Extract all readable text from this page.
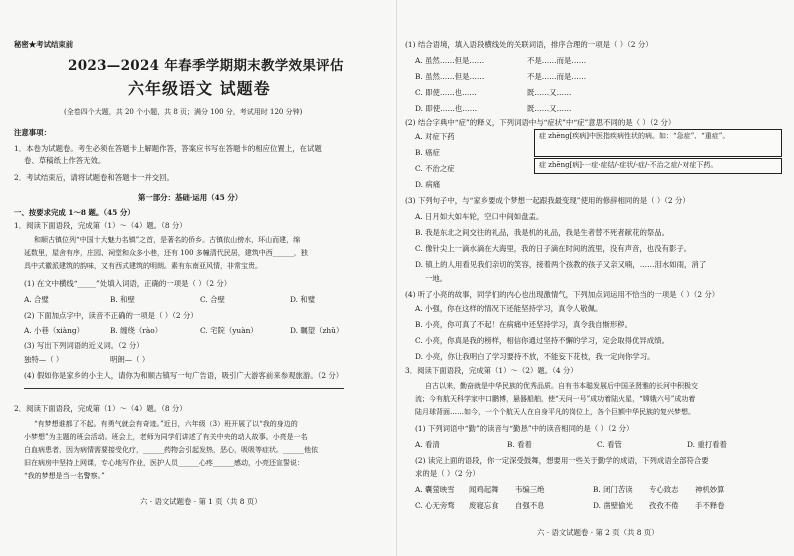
秘密★考试结束前
2023—2024 年春季学期期末教学效果评估
六年级语文 试题卷
(全卷四个大题，共 20 个小题，共 8 页；满分 100 分，考试用时 120 分钟)
注意事项：
1．本卷为试题卷。考生必须在答题卡上解题作答，答案应书写在答题卡的相应位置上，在试题
卷、草稿纸上作答无效。
2．考试结束后，请将试题卷和答题卡一并交回。
第一部分：基础·运用（45 分）
一、按要求完成 1～8 题。（45 分）
1．阅读下面语段，完成第（1）～（4）题。（8 分）
和顺古镇位列“中国十大魅力名镇”之首，是著名的侨乡。古镇依山傍水，环山而建，绵
延数里，屋舍有序，庄园、祠堂和众多小巷，还有 100 多幢清代民居，建筑中西______，独
具中式徽派建筑的韵味，又有西式建筑的明朗。素有东南亚风情，非常宝贵。
(1) 在文中横线“_____”处填入词语，正确的一项是（ ）（2 分）
A. 合璧	B. 和壁	C. 合壁	D. 和璧
(2) 下面加点字中，读音不正确的一项是（ ）（2 分）
A. 小巷（xiàng）	B. 缠绕（rào）	C. 宅院（yuàn）	D. 瞩望（zhǔ）
(3) 写出下列词语的近义词。（2 分）
独特—（ ）	明朗—（ ）
(4) 假如你是家乡的小主人，请你为和顺古镇写一句广告语，吸引广大游客前来参观旅游。（2 分）
2．阅读下面语段，完成第（1）～（4）题。（8 分）
“有梦想谁都了不起。有勇气就会有奇迹。”近日，六年级（3）班开展了以“我的身边的
小梦想”为主题的班会活动。班会上，老师为同学们讲述了有关中央的动人故事。小亮是一名
白血病患者，因为病情需要接受化疗，______药物会引起发热，恶心，吸吸等症状。______他依
旧在病房中坚持上网课，专心地写作业，医护人员______心疼______感动，小亮还宣誓说：
“我的梦想是当一名警察。”
六 · 语文试题卷 · 第 1 页（共 8 页）
(1) 结合语境，填入语段横线处的关联词语，排序合理的一项是（ ）（2 分）
A. 虽然……但是……	不是……而是……
B. 虽然……但是……	不是……而是……
C. 即使……也……	既……又……
D. 即使……也……	既……又……
(2) 结合字典中“症”的释义，下列词语中与“症状”中“症”意思不同的是（ ）（2 分）
A. 对症下药
B. 癌症
C. 不治之症
D. 病痛
症 zhèng[疾病]中医指疾病性状的病。如：“急症”、“重症”。
症 zhēng[病]·一症·症结/-症状/-症/-不治之症/-对症下药。
(3) 下列句子中，与“家乡要成个梦想一起跟我最变现”使用的修辞相同的是（ ）（2 分）
A. 日月如大如车轮，空口中间如盘盂。
B. 我是东北之间交往的礼品，我是机的礼品，我是生者替不死者献花的祭品。
C. 像针尖上一滴水滴在大海里，我的日子滴在时间的流里，没有声音，也没有影子。
D. 镇上的人用看见我们亲切的笑容，接着两个孩教的孩子又亲又喃，……泪水如雨，消了
一地。
(4) 听了小亮的故事，同学们的内心也出现激情气，下列加点词运用不恰当的一项是（ ）（2 分）
A. 小强，你在这样的情况下还能坚持学习，真令人敬佩。
B. 小亮，你可真了不起！在病痛中还坚持学习，真令我自惭形秽。
C. 小亮，你真是我的榜样，相信你通过坚持不懈的学习，定会取得优异成绩。
D. 小亮，你让我明白了学习要持不放，不能妄下花枝，我一定向你学习。
3．阅读下面语段，完成第（1）～（2）题。（4 分）
自古以来，勤奋就是中华民族的优秀品质。自有书本聪发展后中国圣贤雅的长河中积极交
流；今有航天科学家中口鹏博，悬器船舶，使“天问一号”成功着陆火星，“嫦娥六号”成功着
陆月球背面……如今，一个个航天人在自身平凡的岗位上，各个巨额中华民族的复兴梦想。
(1) 下列词语中“勤”的读音与“勤恳”中的读音相同的是（ ）（2 分）
A. 看清	B. 看着	C. 看管	D. 重打看着
(2) 读完上面的语段，你一定深受鼓舞，想要用一些关于勤学的成语，下列成语全部符合要
求的是（ ）（2 分）
A. 囊萤映雪 闻鸡起舞 韦编三绝	B. 闭门苦读 专心致志 神机妙算
C. 心无旁骛 废寝忘食 自强不息	D. 凿壁偷光 孜孜不倦 手不释卷
六 · 语文试题卷 · 第 2 页（共 8 页）
